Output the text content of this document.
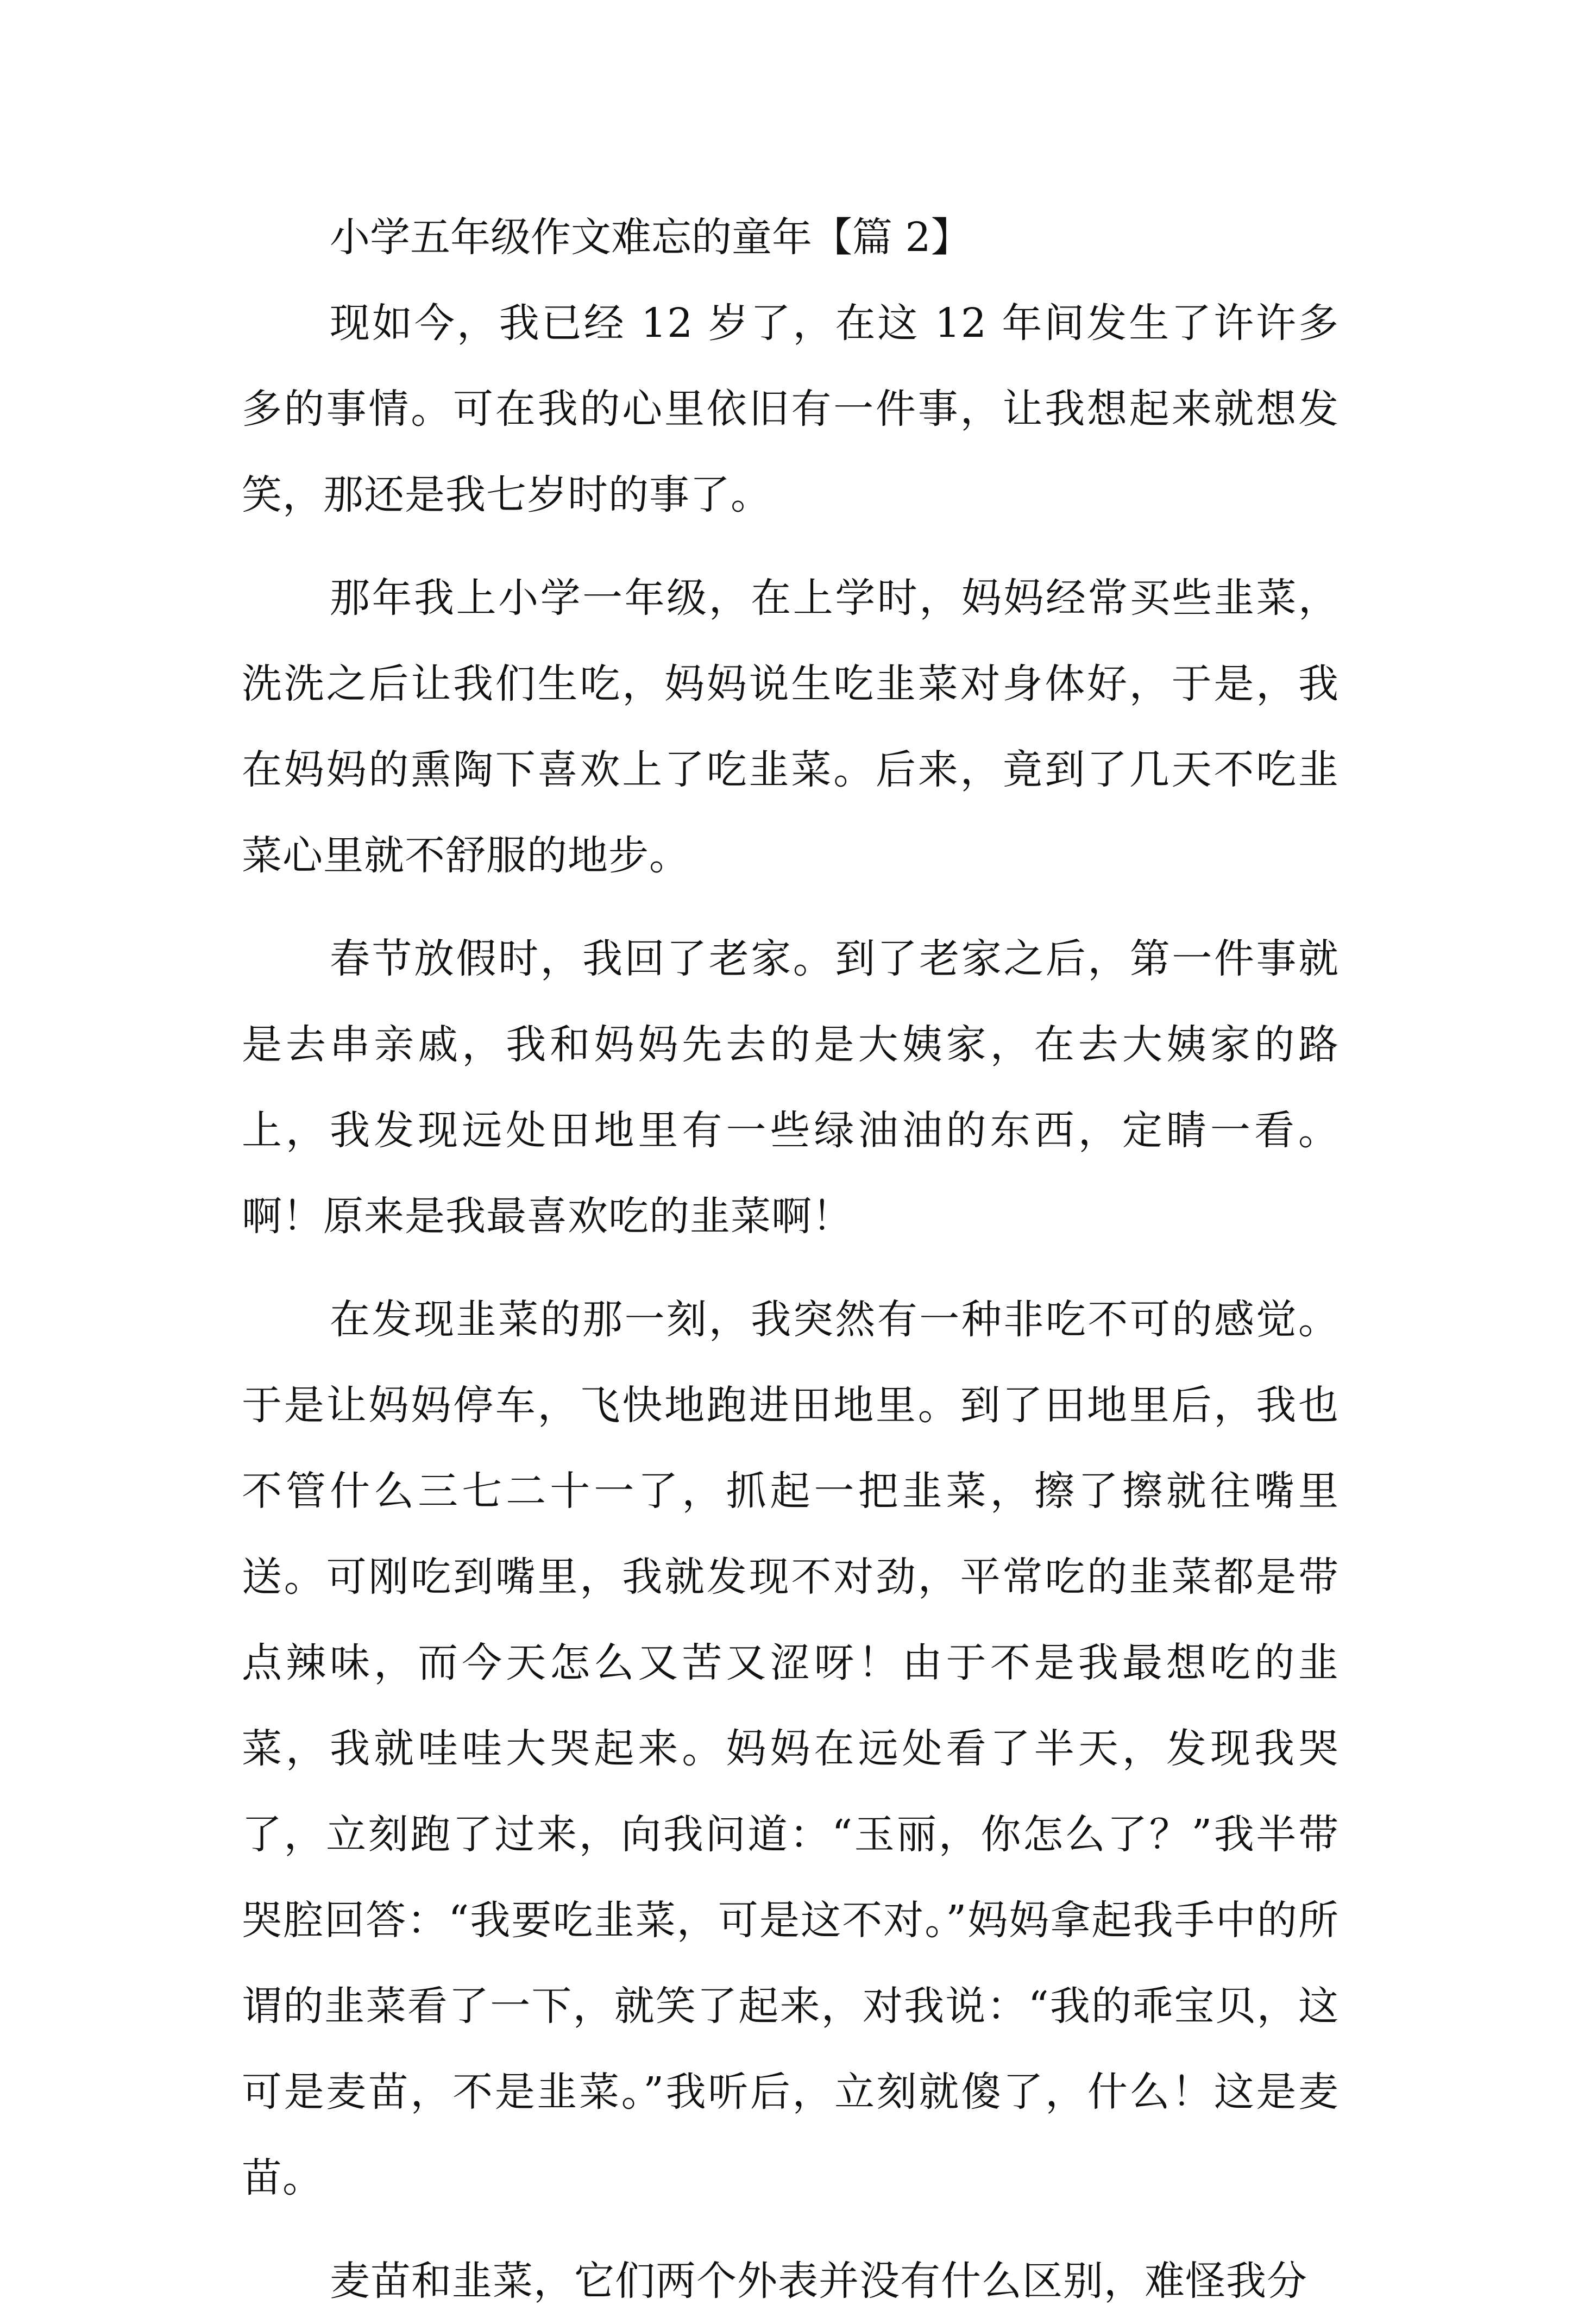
小学五年级作文难忘的童年【篇 2】

现如今，我已经 12 岁了，在这 12 年间发生了许许多多的事情。可在我的心里依旧有一件事，让我想起来就想发笑，那还是我七岁时的事了。

那年我上小学一年级，在上学时，妈妈经常买些韭菜，洗洗之后让我们生吃，妈妈说生吃韭菜对身体好，于是，我在妈妈的熏陶下喜欢上了吃韭菜。后来，竟到了几天不吃韭菜心里就不舒服的地步。

春节放假时，我回了老家。到了老家之后，第一件事就是去串亲戚，我和妈妈先去的是大姨家，在去大姨家的路上，我发现远处田地里有一些绿油油的东西，定睛一看。啊！原来是我最喜欢吃的韭菜啊！

在发现韭菜的那一刻，我突然有一种非吃不可的感觉。于是让妈妈停车，飞快地跑进田地里。到了田地里后，我也不管什么三七二十一了，抓起一把韭菜，擦了擦就往嘴里送。可刚吃到嘴里，我就发现不对劲，平常吃的韭菜都是带点辣味，而今天怎么又苦又涩呀！由于不是我最想吃的韭菜，我就哇哇大哭起来。妈妈在远处看了半天，发现我哭了，立刻跑了过来，向我问道：“玉丽，你怎么了？”我半带哭腔回答：“我要吃韭菜，可是这不对。”妈妈拿起我手中的所谓的韭菜看了一下，就笑了起来，对我说：“我的乖宝贝，这可是麦苗，不是韭菜。”我听后，立刻就傻了，什么！这是麦苗。

麦苗和韭菜，它们两个外表并没有什么区别，难怪我分
